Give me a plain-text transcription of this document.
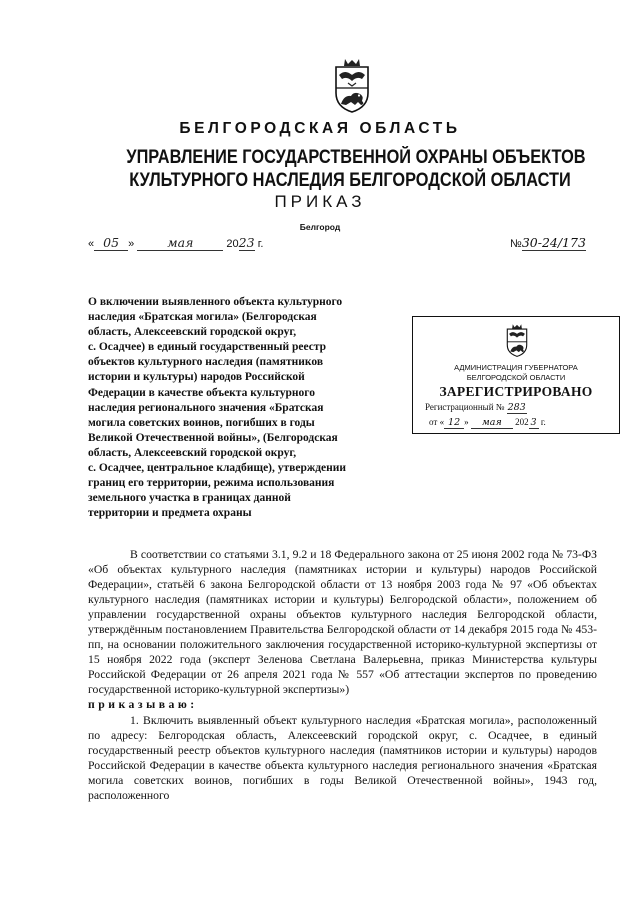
БЕЛГОРОДСКАЯ ОБЛАСТЬ
УПРАВЛЕНИЕ ГОСУДАРСТВЕННОЙ ОХРАНЫ ОБЪЕКТОВ
КУЛЬТУРНОГО НАСЛЕДИЯ БЕЛГОРОДСКОЙ ОБЛАСТИ
ПРИКАЗ
Белгород
« 05 »	мая	2023 г.	№30-24/173
О включении выявленного объекта культурного
наследия «Братская могила» (Белгородская
область, Алексеевский городской округ,
с. Осадчее) в единый государственный реестр
объектов культурного наследия (памятников
истории и культуры) народов Российской
Федерации в качестве объекта культурного
наследия регионального значения «Братская
могила советских воинов, погибших в годы
Великой Отечественной войны», (Белгородская
область, Алексеевский городской округ,
с. Осадчее, центральное кладбище), утверждении
границ его территории, режима использования
земельного участка в границах данной
территории и предмета охраны
АДМИНИСТРАЦИЯ ГУБЕРНАТОРА
БЕЛГОРОДСКОЙ ОБЛАСТИ
ЗАРЕГИСТРИРОВАНО
Регистрационный № 283
от « 12 » мая 202 3 г.

В соответствии со статьями 3.1, 9.2 и 18 Федерального закона от 25 июня 2002 года № 73-ФЗ «Об объектах культурного наследия (памятниках истории и культуры) народов Российской Федерации», статьёй 6 закона Белгородской области от 13 ноября 2003 года № 97 «Об объектах культурного наследия (памятниках истории и культуры) Белгородской области», положением об управлении государственной охраны объектов культурного наследия Белгородской области, утверждённым постановлением Правительства Белгородской области от 14 декабря 2015 года № 453-пп, на основании положительного заключения государственной историко-культурной экспертизы от 15 ноября 2022 года (эксперт Зеленова Светлана Валерьевна, приказ Министерства культуры Российской Федерации от 26 апреля 2021 года № 557 «Об аттестации экспертов по проведению государственной историко-культурной экспертизы»)

приказываю:

1. Включить выявленный объект культурного наследия «Братская могила», расположенный по адресу: Белгородская область, Алексеевский городской округ, с. Осадчее, в единый государственный реестр объектов культурного наследия (памятников истории и культуры) народов Российской Федерации в качестве объекта культурного наследия регионального значения «Братская могила советских воинов, погибших в годы Великой Отечественной войны», 1943 год, расположенного
